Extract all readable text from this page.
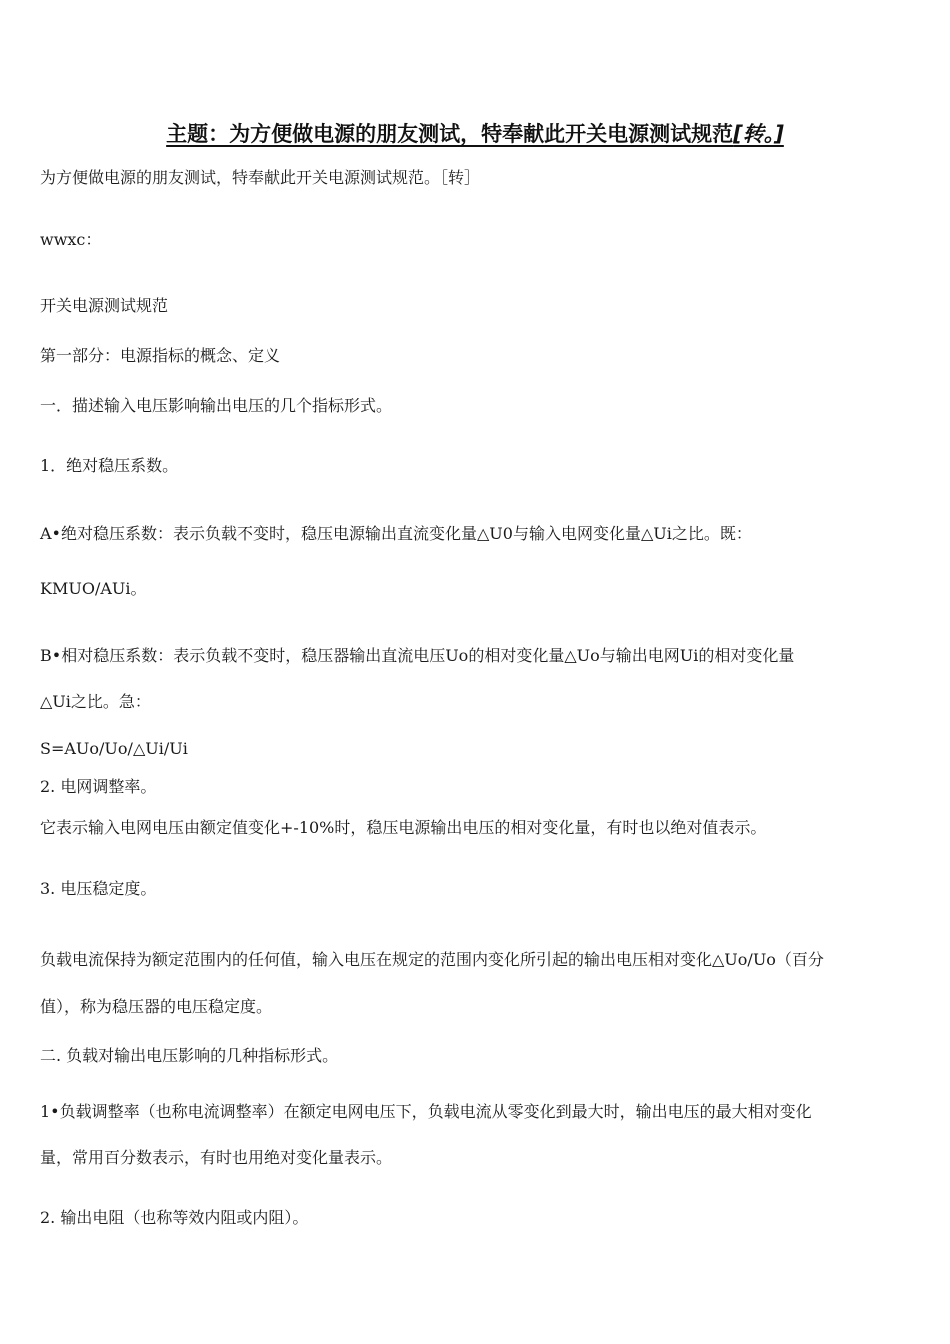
主题：为方便做电源的朋友测试，特奉献此开关电源测试规范[转。]
为方便做电源的朋友测试，特奉献此开关电源测试规范。［转］
wwxc：
开关电源测试规范
第一部分：电源指标的概念、定义
一．描述输入电压影响输出电压的几个指标形式。
1．绝对稳压系数。
A•绝对稳压系数：表示负载不变时，稳压电源输出直流变化量△U0与输入电网变化量△Ui之比。既：
KMUO/AUi。
B•相对稳压系数：表示负载不变时，稳压器输出直流电压Uo的相对变化量△Uo与输出电网Ui的相对变化量
△Ui之比。急：
S=AUo/Uo/△Ui/Ui
2. 电网调整率。
它表示输入电网电压由额定值变化+-10%时，稳压电源输出电压的相对变化量，有时也以绝对值表示。
3. 电压稳定度。
负载电流保持为额定范围内的任何值，输入电压在规定的范围内变化所引起的输出电压相对变化△Uo/Uo（百分
值），称为稳压器的电压稳定度。
二. 负载对输出电压影响的几种指标形式。
1•负载调整率（也称电流调整率）在额定电网电压下，负载电流从零变化到最大时，输出电压的最大相对变化
量，常用百分数表示，有时也用绝对变化量表示。
2. 输出电阻（也称等效内阻或内阻）。
